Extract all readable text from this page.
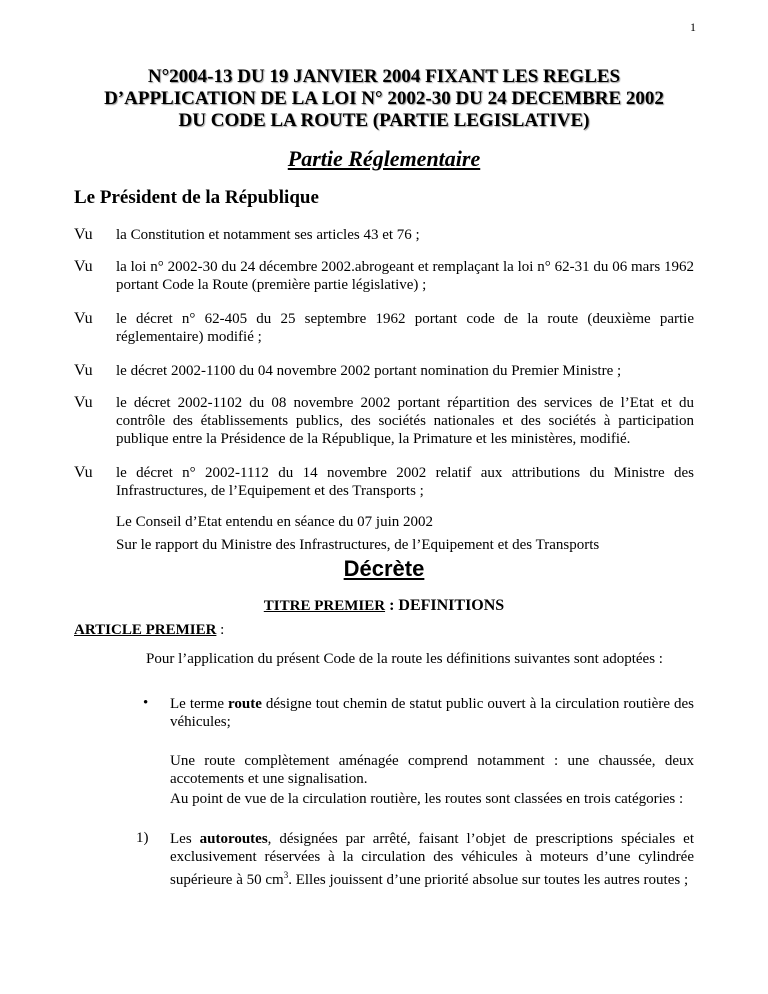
1
N°2004-13 DU 19 JANVIER 2004 FIXANT LES REGLES
D’APPLICATION DE LA LOI N° 2002-30 DU 24 DECEMBRE 2002
DU CODE LA ROUTE (PARTIE LEGISLATIVE)
Partie Réglementaire
Le Président de la République
Vu	la Constitution et notamment ses articles 43 et 76 ;
Vu	la loi n° 2002-30 du 24 décembre 2002.abrogeant et remplaçant la loi n° 62-31 du 06 mars 1962 portant Code la Route (première partie législative) ;
Vu	le décret n° 62-405 du 25 septembre 1962 portant code de la route (deuxième partie réglementaire) modifié ;
Vu	le décret 2002-1100 du 04 novembre 2002 portant nomination du Premier Ministre ;
Vu	le décret 2002-1102 du 08 novembre 2002 portant répartition des services de l’Etat et du contrôle des établissements publics, des sociétés nationales et des sociétés à participation publique entre la Présidence de la République, la Primature et les ministères, modifié.
Vu	le décret n° 2002-1112 du 14 novembre 2002 relatif aux attributions du Ministre des Infrastructures, de l’Equipement et des Transports ;
Le Conseil d’Etat entendu en séance du 07 juin 2002
Sur le rapport du Ministre des Infrastructures, de l’Equipement et des Transports
Décrète
TITRE PREMIER : DEFINITIONS
ARTICLE PREMIER :
Pour l’application du présent Code de la route les définitions suivantes sont adoptées :
• Le terme route désigne tout chemin de statut public ouvert à la circulation routière des véhicules;
Une route complètement aménagée comprend notamment : une chaussée, deux accotements et une signalisation.
Au point de vue de la circulation routière, les routes sont classées en trois catégories :
1) Les autoroutes, désignées par arrêté, faisant l’objet de prescriptions spéciales et exclusivement réservées à la circulation des véhicules à moteurs d’une cylindrée supérieure à 50 $cm^3$. Elles jouissent d’une priorité absolue sur toutes les autres routes ;
